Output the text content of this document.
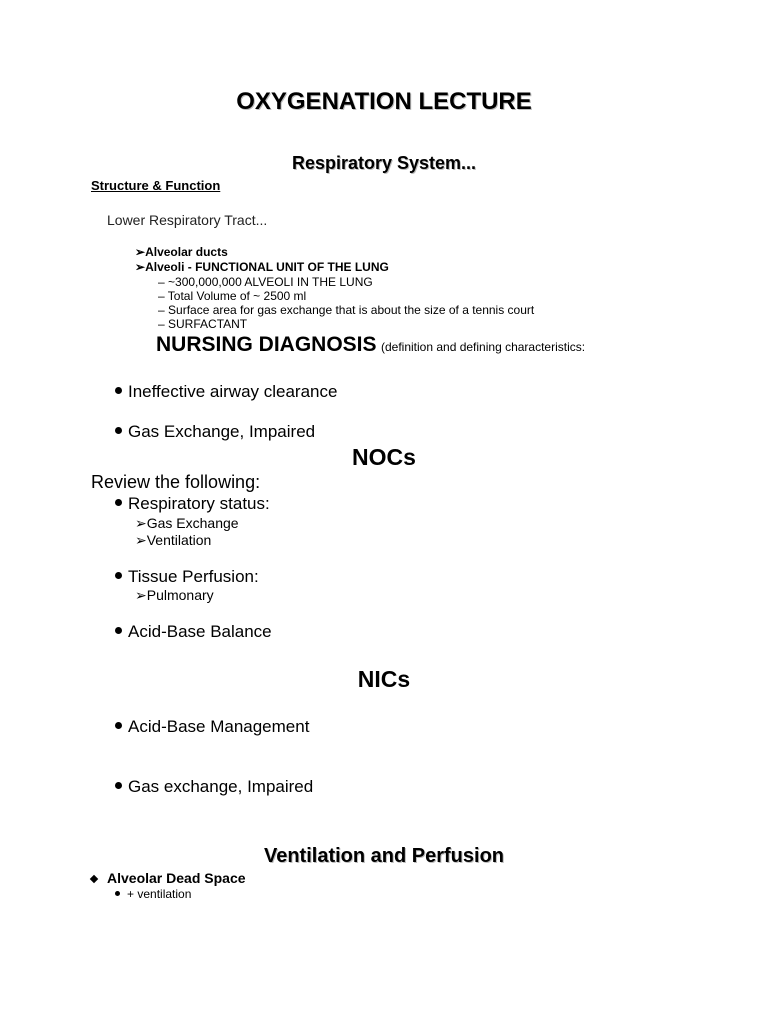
OXYGENATION LECTURE
Respiratory System...
Structure & Function
Lower Respiratory Tract...
➢Alveolar ducts
➢Alveoli - FUNCTIONAL UNIT OF THE LUNG
– ~300,000,000 ALVEOLI IN THE LUNG
– Total Volume of ~ 2500 ml
– Surface area for gas exchange that is about the size of a tennis court
– SURFACTANT
NURSING DIAGNOSIS (definition and defining characteristics:
Ineffective airway clearance
Gas Exchange, Impaired
NOCs
Review the following:
Respiratory status:
➢Gas Exchange
➢Ventilation
Tissue Perfusion:
➢Pulmonary
Acid-Base Balance
NICs
Acid-Base Management
Gas exchange, Impaired
Ventilation and Perfusion
Alveolar Dead Space
+ ventilation
